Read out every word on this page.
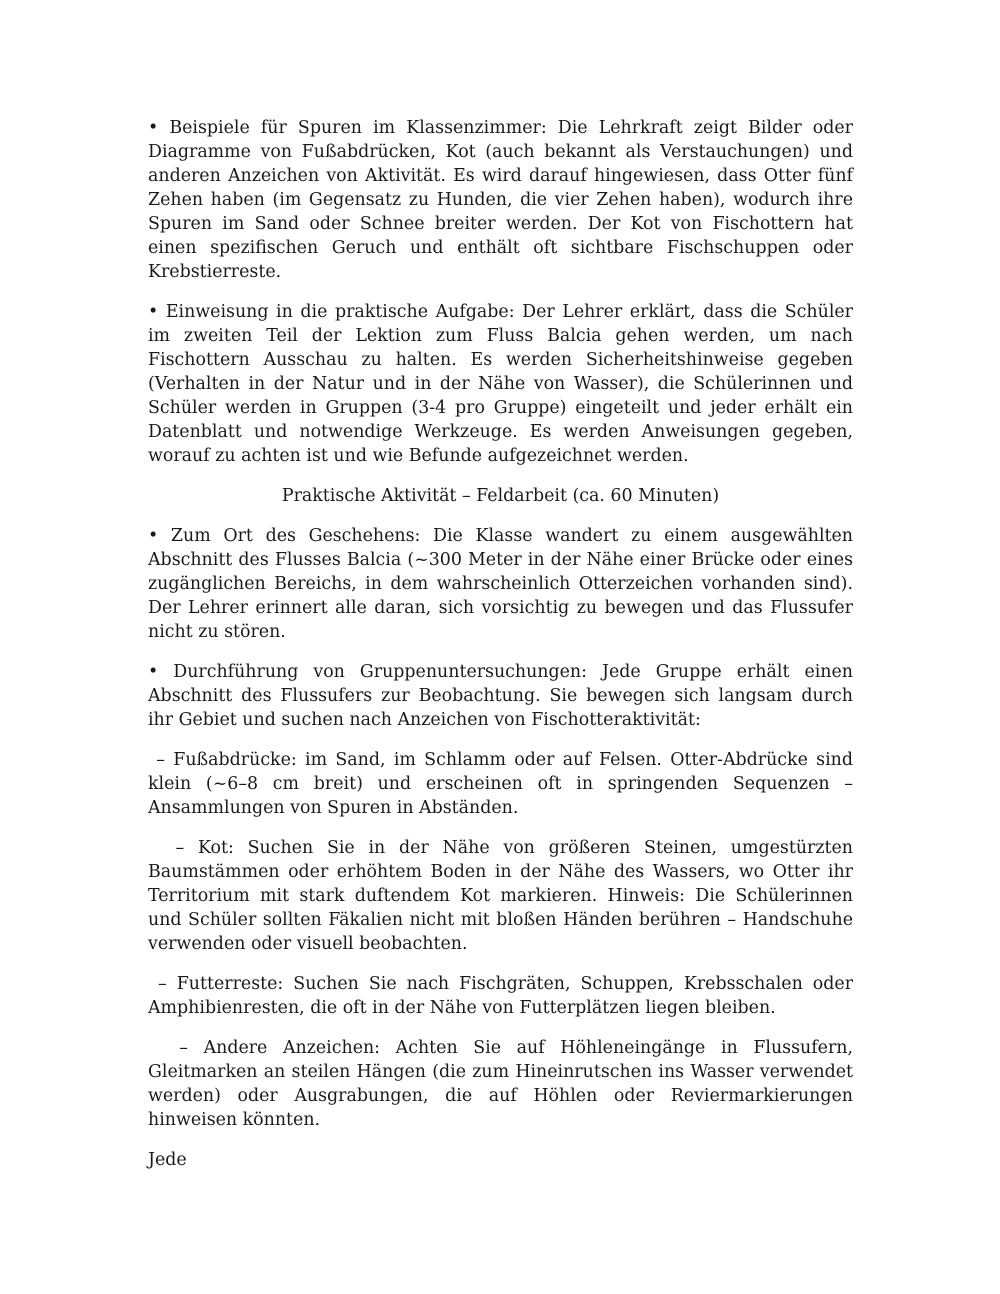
• Beispiele für Spuren im Klassenzimmer: Die Lehrkraft zeigt Bilder oder Diagramme von Fußabdrücken, Kot (auch bekannt als Verstauchungen) und anderen Anzeichen von Aktivität. Es wird darauf hingewiesen, dass Otter fünf Zehen haben (im Gegensatz zu Hunden, die vier Zehen haben), wodurch ihre Spuren im Sand oder Schnee breiter werden. Der Kot von Fischottern hat einen spezifischen Geruch und enthält oft sichtbare Fischschuppen oder Krebstierreste.

• Einweisung in die praktische Aufgabe: Der Lehrer erklärt, dass die Schüler im zweiten Teil der Lektion zum Fluss Balcia gehen werden, um nach Fischottern Ausschau zu halten. Es werden Sicherheitshinweise gegeben (Verhalten in der Natur und in der Nähe von Wasser), die Schülerinnen und Schüler werden in Gruppen (3-4 pro Gruppe) eingeteilt und jeder erhält ein Datenblatt und notwendige Werkzeuge. Es werden Anweisungen gegeben, worauf zu achten ist und wie Befunde aufgezeichnet werden.

Praktische Aktivität – Feldarbeit (ca. 60 Minuten)

• Zum Ort des Geschehens: Die Klasse wandert zu einem ausgewählten Abschnitt des Flusses Balcia (~300 Meter in der Nähe einer Brücke oder eines zugänglichen Bereichs, in dem wahrscheinlich Otterzeichen vorhanden sind). Der Lehrer erinnert alle daran, sich vorsichtig zu bewegen und das Flussufer nicht zu stören.

• Durchführung von Gruppenuntersuchungen: Jede Gruppe erhält einen Abschnitt des Flussufers zur Beobachtung. Sie bewegen sich langsam durch ihr Gebiet und suchen nach Anzeichen von Fischotteraktivität:

– Fußabdrücke: im Sand, im Schlamm oder auf Felsen. Otter-Abdrücke sind klein (~6–8 cm breit) und erscheinen oft in springenden Sequenzen – Ansammlungen von Spuren in Abständen.

– Kot: Suchen Sie in der Nähe von größeren Steinen, umgestürzten Baumstämmen oder erhöhtem Boden in der Nähe des Wassers, wo Otter ihr Territorium mit stark duftendem Kot markieren. Hinweis: Die Schülerinnen und Schüler sollten Fäkalien nicht mit bloßen Händen berühren – Handschuhe verwenden oder visuell beobachten.

– Futterreste: Suchen Sie nach Fischgräten, Schuppen, Krebsschalen oder Amphibienresten, die oft in der Nähe von Futterplätzen liegen bleiben.

– Andere Anzeichen: Achten Sie auf Höhleneingänge in Flussufern, Gleitmarken an steilen Hängen (die zum Hineinrutschen ins Wasser verwendet werden) oder Ausgrabungen, die auf Höhlen oder Reviermarkierungen hinweisen könnten.

Jede
